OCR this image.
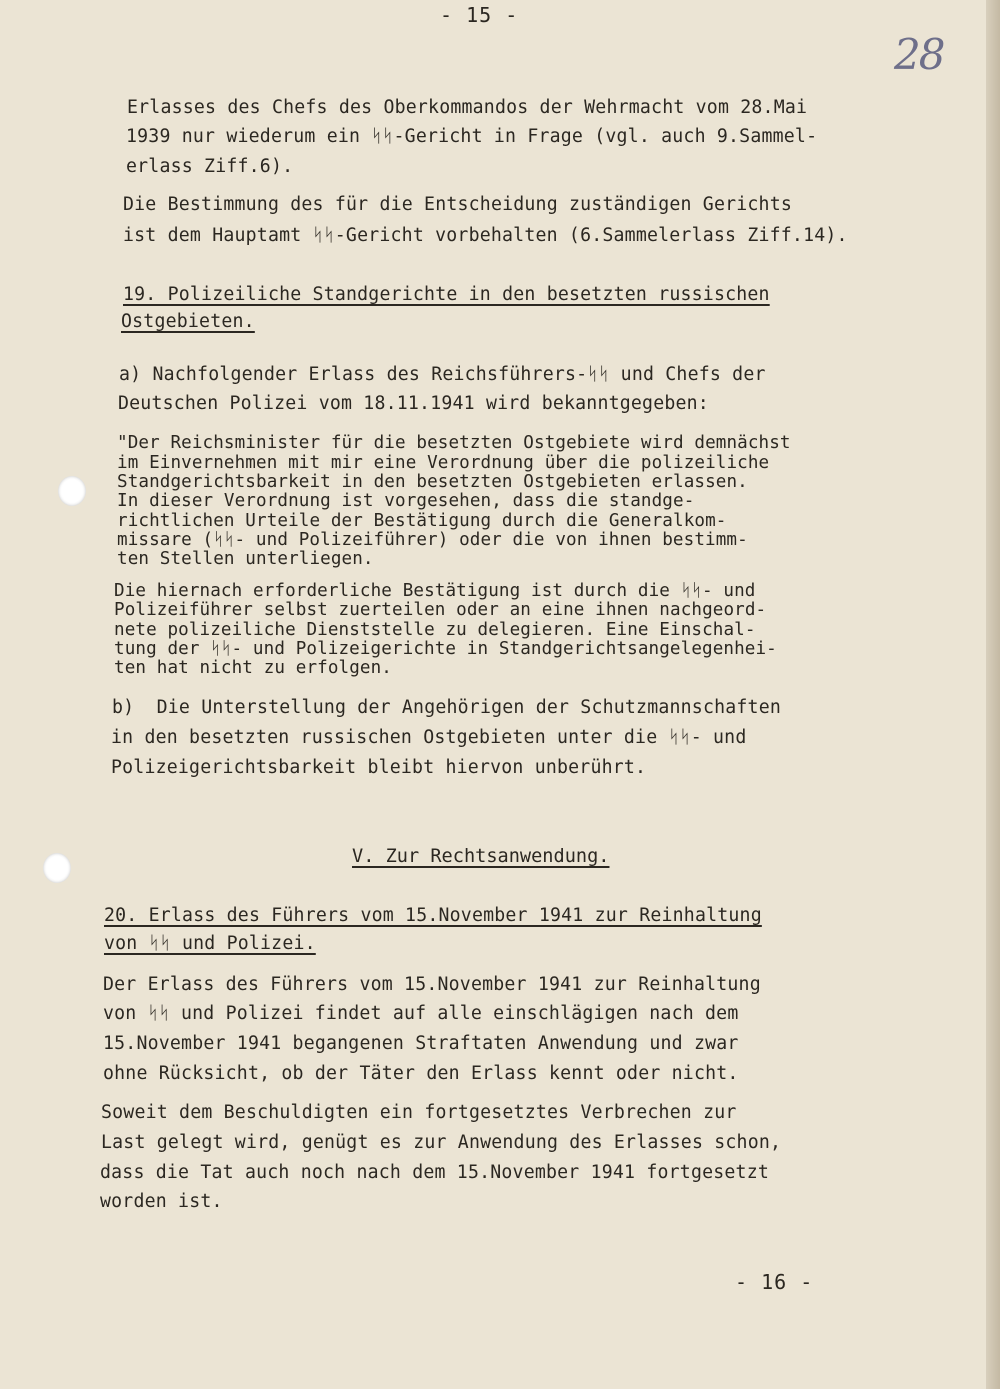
- 15 -
28
Erlasses des Chefs des Oberkommandos der Wehrmacht vom 28.Mai
1939 nur wiederum ein ᛋᛋ-Gericht in Frage (vgl. auch 9.Sammel-
erlass Ziff.6).
Die Bestimmung des für die Entscheidung zuständigen Gerichts
ist dem Hauptamt ᛋᛋ-Gericht vorbehalten (6.Sammelerlass Ziff.14).
19. Polizeiliche Standgerichte in den besetzten russischen
Ostgebieten.
a) Nachfolgender Erlass des Reichsführers-ᛋᛋ und Chefs der
Deutschen Polizei vom 18.11.1941 wird bekanntgegeben:
"Der Reichsminister für die besetzten Ostgebiete wird demnächst
im Einvernehmen mit mir eine Verordnung über die polizeiliche
Standgerichtsbarkeit in den besetzten Ostgebieten erlassen.
In dieser Verordnung ist vorgesehen, dass die standge-
richtlichen Urteile der Bestätigung durch die Generalkom-
missare (ᛋᛋ- und Polizeiführer) oder die von ihnen bestimm-
ten Stellen unterliegen.
Die hiernach erforderliche Bestätigung ist durch die ᛋᛋ- und
Polizeiführer selbst zuerteilen oder an eine ihnen nachgeord-
nete polizeiliche Dienststelle zu delegieren. Eine Einschal-
tung der ᛋᛋ- und Polizeigerichte in Standgerichtsangelegenhei-
ten hat nicht zu erfolgen.
b)  Die Unterstellung der Angehörigen der Schutzmannschaften
in den besetzten russischen Ostgebieten unter die ᛋᛋ- und
Polizeigerichtsbarkeit bleibt hiervon unberührt.
V. Zur Rechtsanwendung.
20. Erlass des Führers vom 15.November 1941 zur Reinhaltung
von ᛋᛋ und Polizei.
Der Erlass des Führers vom 15.November 1941 zur Reinhaltung
von ᛋᛋ und Polizei findet auf alle einschlägigen nach dem
15.November 1941 begangenen Straftaten Anwendung und zwar
ohne Rücksicht, ob der Täter den Erlass kennt oder nicht.
Soweit dem Beschuldigten ein fortgesetztes Verbrechen zur
Last gelegt wird, genügt es zur Anwendung des Erlasses schon,
dass die Tat auch noch nach dem 15.November 1941 fortgesetzt
worden ist.
- 16 -
